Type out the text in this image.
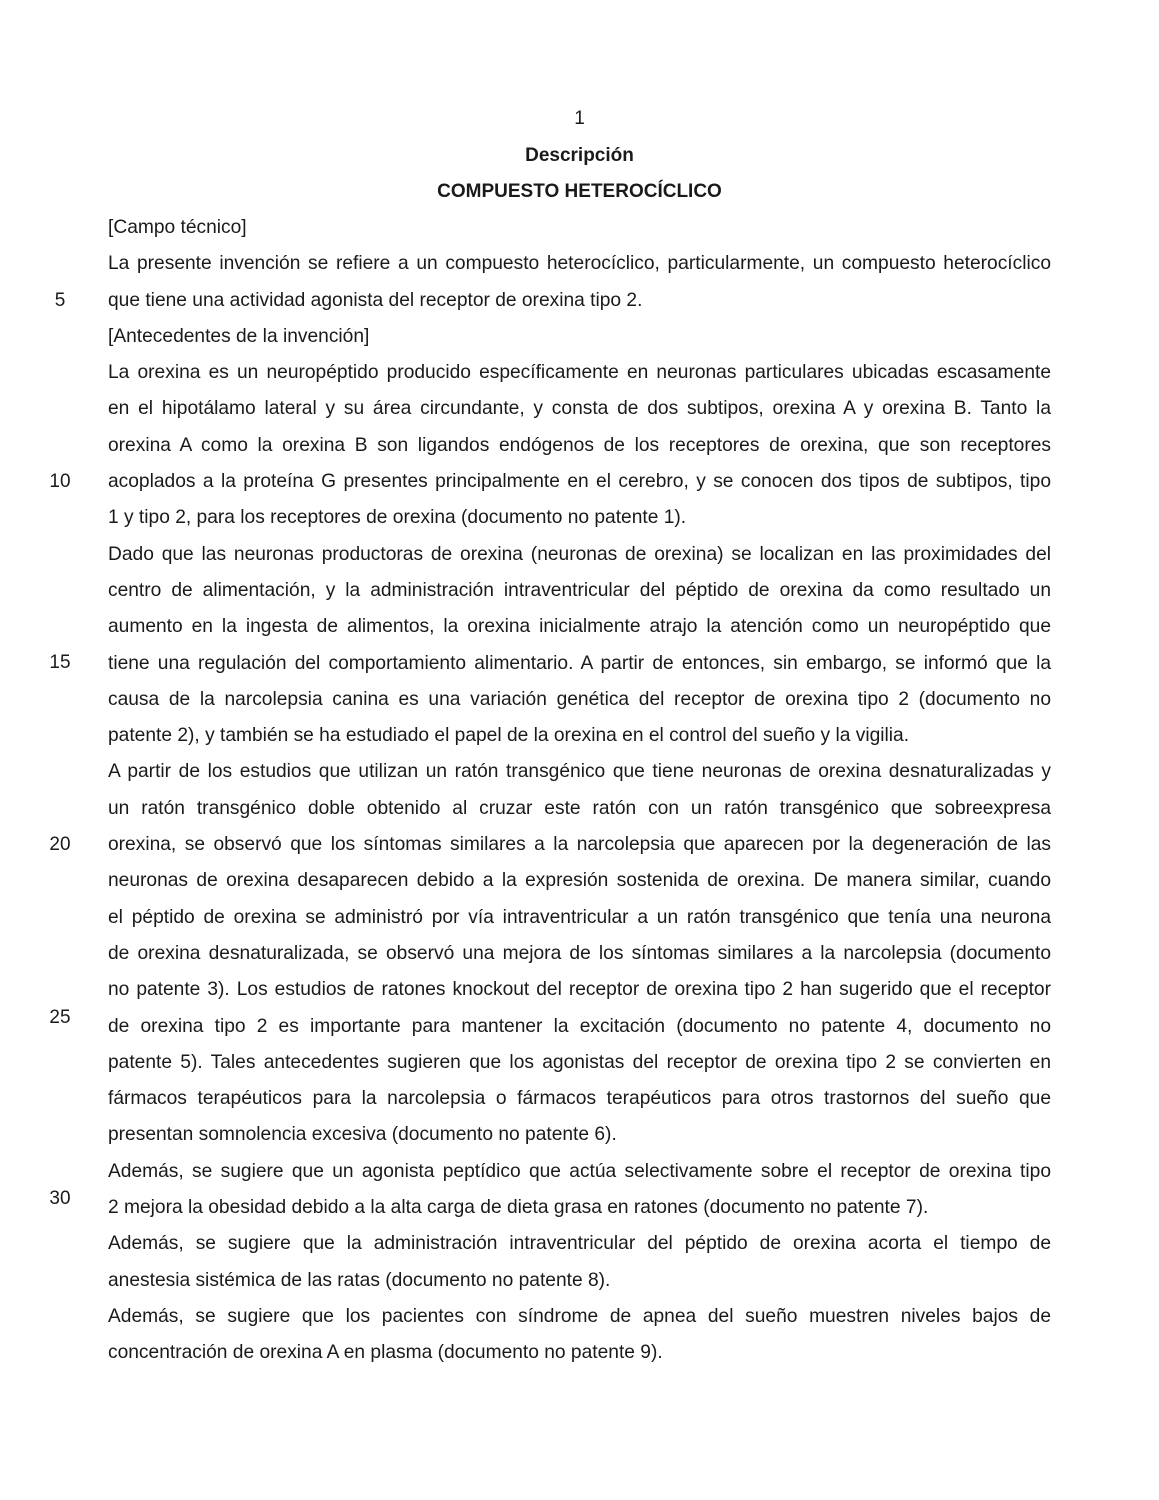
1
Descripción
COMPUESTO HETEROCÍCLICO
5
10
15
20
25
30
[Campo técnico]
La presente invención se refiere a un compuesto heterocíclico, particularmente, un compuesto heterocíclico
que tiene una actividad agonista del receptor de orexina tipo 2.
[Antecedentes de la invención]
La orexina es un neuropéptido producido específicamente en neuronas particulares ubicadas escasamente
en el hipotálamo lateral y su área circundante, y consta de dos subtipos, orexina A y orexina B. Tanto la
orexina A como la orexina B son ligandos endógenos de los receptores de orexina, que son receptores
acoplados a la proteína G presentes principalmente en el cerebro, y se conocen dos tipos de subtipos, tipo
1 y tipo 2, para los receptores de orexina (documento no patente 1).
Dado que las neuronas productoras de orexina (neuronas de orexina) se localizan en las proximidades del
centro de alimentación, y la administración intraventricular del péptido de orexina da como resultado un
aumento en la ingesta de alimentos, la orexina inicialmente atrajo la atención como un neuropéptido que
tiene una regulación del comportamiento alimentario. A partir de entonces, sin embargo, se informó que la
causa de la narcolepsia canina es una variación genética del receptor de orexina tipo 2 (documento no
patente 2), y también se ha estudiado el papel de la orexina en el control del sueño y la vigilia.
A partir de los estudios que utilizan un ratón transgénico que tiene neuronas de orexina desnaturalizadas y
un ratón transgénico doble obtenido al cruzar este ratón con un ratón transgénico que sobreexpresa
orexina, se observó que los síntomas similares a la narcolepsia que aparecen por la degeneración de las
neuronas de orexina desaparecen debido a la expresión sostenida de orexina. De manera similar, cuando
el péptido de orexina se administró por vía intraventricular a un ratón transgénico que tenía una neurona
de orexina desnaturalizada, se observó una mejora de los síntomas similares a la narcolepsia (documento
no patente 3). Los estudios de ratones knockout del receptor de orexina tipo 2 han sugerido que el receptor
de orexina tipo 2 es importante para mantener la excitación (documento no patente 4, documento no
patente 5). Tales antecedentes sugieren que los agonistas del receptor de orexina tipo 2 se convierten en
fármacos terapéuticos para la narcolepsia o fármacos terapéuticos para otros trastornos del sueño que
presentan somnolencia excesiva (documento no patente 6).
Además, se sugiere que un agonista peptídico que actúa selectivamente sobre el receptor de orexina tipo
2 mejora la obesidad debido a la alta carga de dieta grasa en ratones (documento no patente 7).
Además, se sugiere que la administración intraventricular del péptido de orexina acorta el tiempo de
anestesia sistémica de las ratas (documento no patente 8).
Además, se sugiere que los pacientes con síndrome de apnea del sueño muestren niveles bajos de
concentración de orexina A en plasma (documento no patente 9).
